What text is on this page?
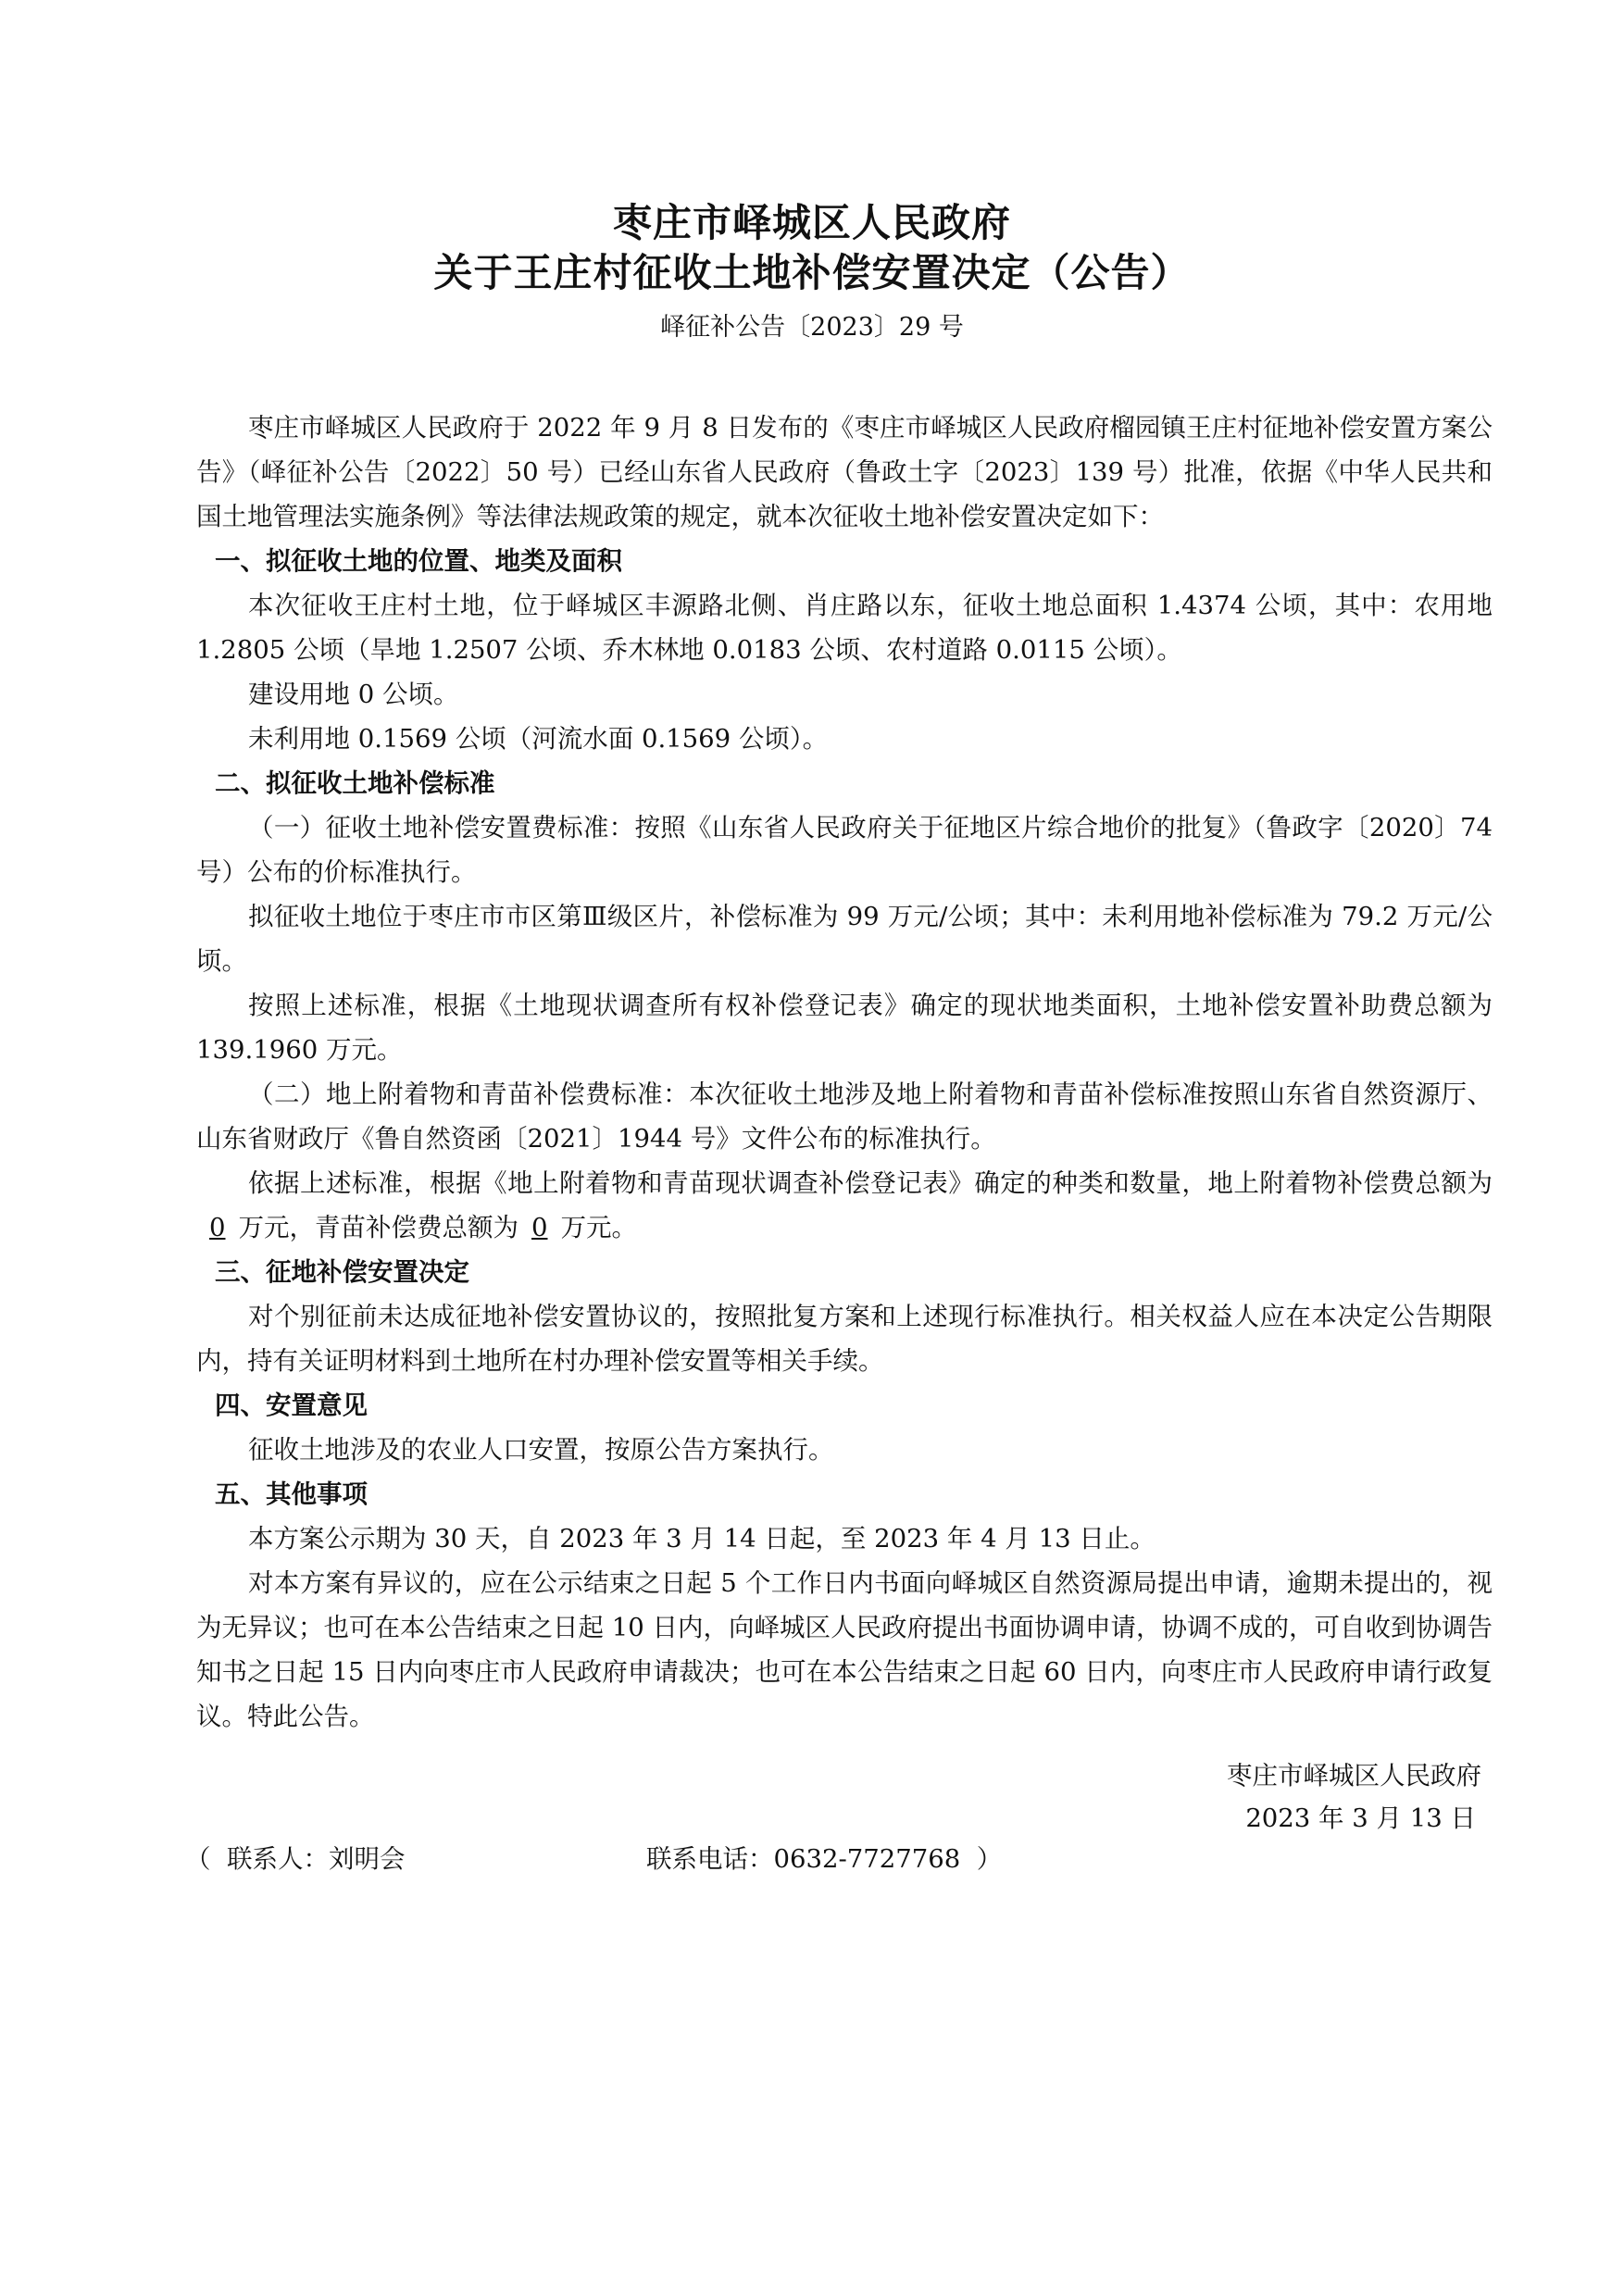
枣庄市峄城区人民政府
关于王庄村征收土地补偿安置决定（公告）
峄征补公告〔2023〕29 号

枣庄市峄城区人民政府于 2022 年 9 月 8 日发布的《枣庄市峄城区人民政府榴园镇王庄村征地补偿安置方案公告》（峄征补公告〔2022〕50 号）已经山东省人民政府（鲁政土字〔2023〕139 号）批准，依据《中华人民共和国土地管理法实施条例》等法律法规政策的规定，就本次征收土地补偿安置决定如下：

一、拟征收土地的位置、地类及面积

本次征收王庄村土地，位于峄城区丰源路北侧、肖庄路以东，征收土地总面积 1.4374 公顷，其中：农用地 1.2805 公顷（旱地 1.2507 公顷、乔木林地 0.0183 公顷、农村道路 0.0115 公顷）。

建设用地 0 公顷。

未利用地 0.1569 公顷（河流水面 0.1569 公顷）。

二、拟征收土地补偿标准

（一）征收土地补偿安置费标准：按照《山东省人民政府关于征地区片综合地价的批复》（鲁政字〔2020〕74 号）公布的价标准执行。

拟征收土地位于枣庄市市区第Ⅲ级区片，补偿标准为 99 万元/公顷；其中：未利用地补偿标准为 79.2 万元/公顷。

按照上述标准，根据《土地现状调查所有权补偿登记表》确定的现状地类面积，土地补偿安置补助费总额为 139.1960 万元。

（二）地上附着物和青苗补偿费标准：本次征收土地涉及地上附着物和青苗补偿标准按照山东省自然资源厅、山东省财政厅《鲁自然资函〔2021〕1944 号》文件公布的标准执行。

依据上述标准，根据《地上附着物和青苗现状调查补偿登记表》确定的种类和数量，地上附着物补偿费总额为0 万元，青苗补偿费总额为 0 万元。

三、征地补偿安置决定

对个别征前未达成征地补偿安置协议的，按照批复方案和上述现行标准执行。相关权益人应在本决定公告期限内，持有关证明材料到土地所在村办理补偿安置等相关手续。

四、安置意见

征收土地涉及的农业人口安置，按原公告方案执行。

五、其他事项

本方案公示期为 30 天，自 2023 年 3 月 14 日起，至 2023 年 4 月 13 日止。

对本方案有异议的，应在公示结束之日起 5 个工作日内书面向峄城区自然资源局提出申请，逾期未提出的，视为无异议；也可在本公告结束之日起 10 日内，向峄城区人民政府提出书面协调申请，协调不成的，可自收到协调告知书之日起 15 日内向枣庄市人民政府申请裁决；也可在本公告结束之日起 60 日内，向枣庄市人民政府申请行政复议。特此公告。

枣庄市峄城区人民政府
2023 年 3 月 13 日
（  联系人：刘明会	联系电话：0632-7727768  ）
